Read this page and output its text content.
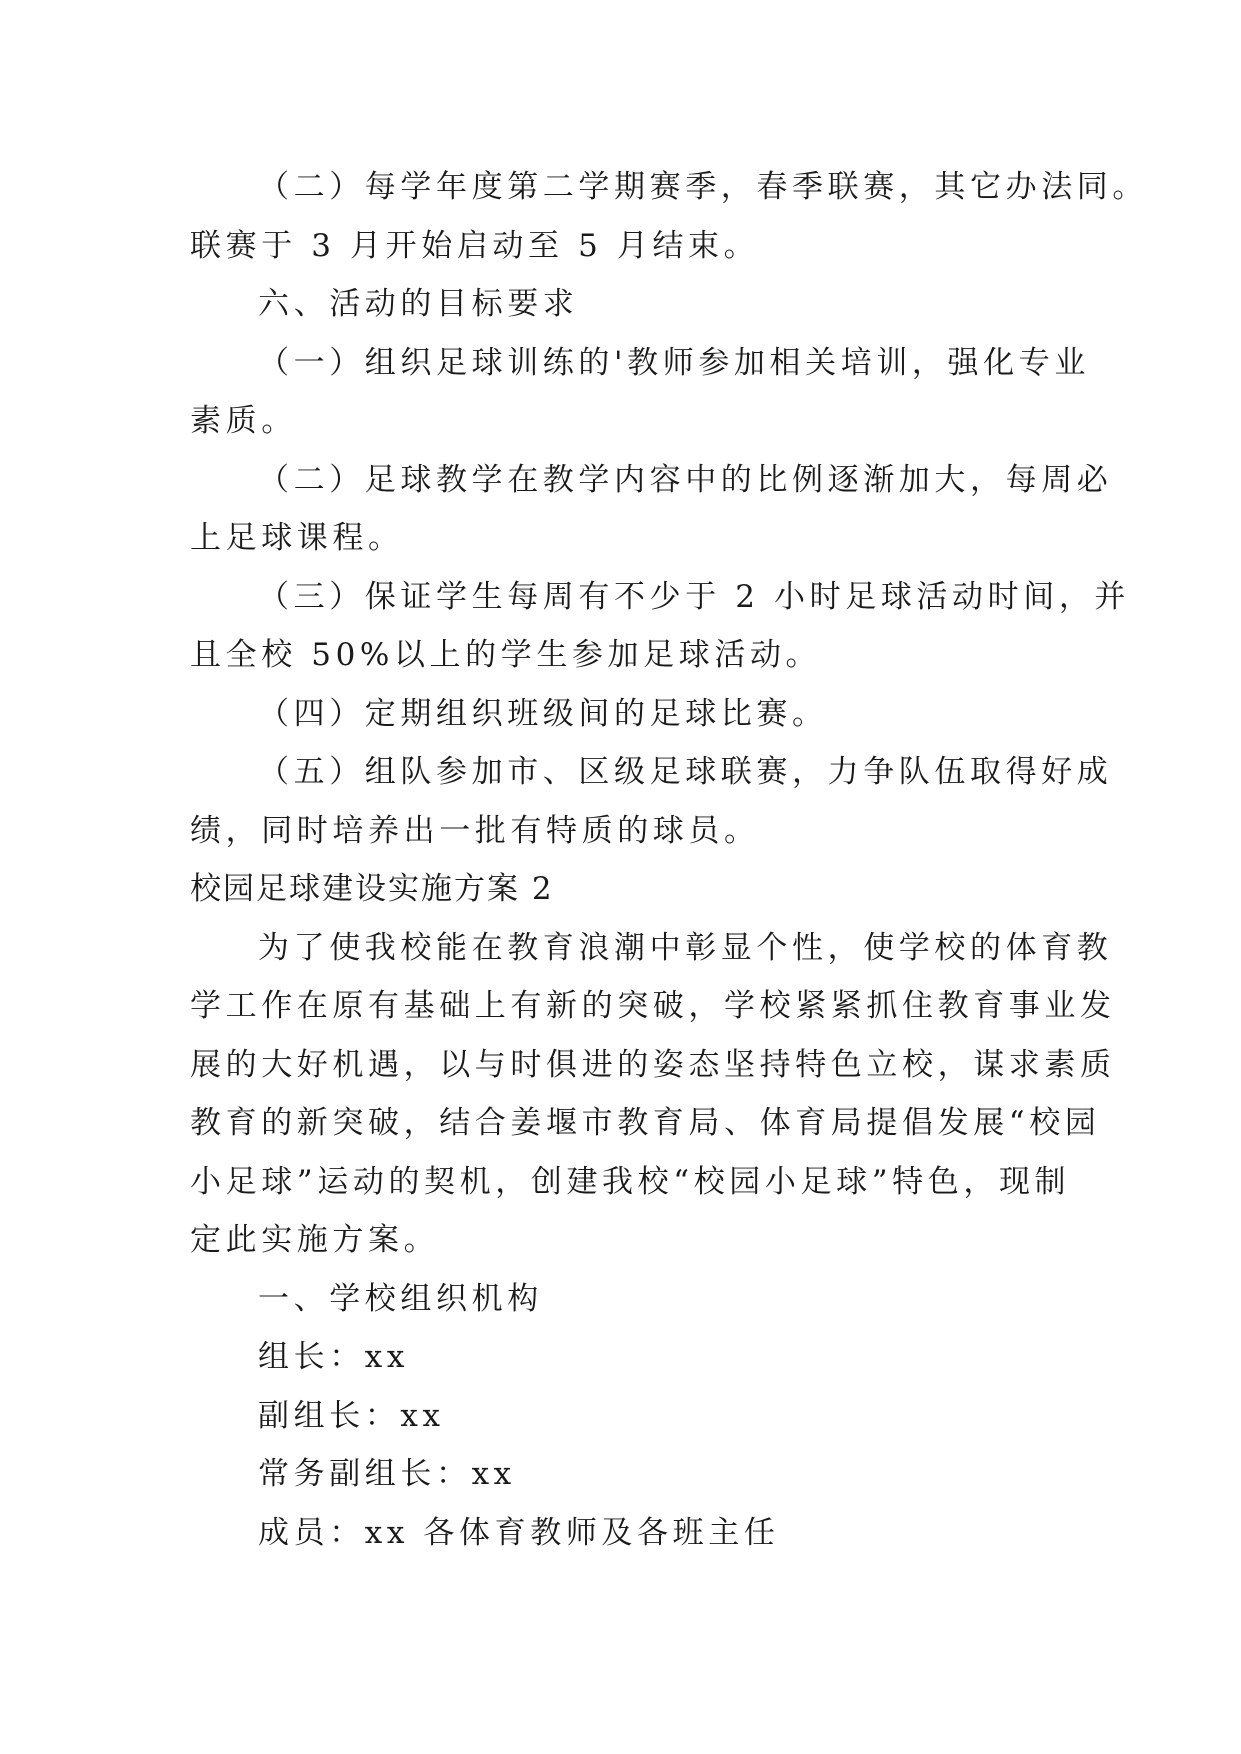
（二）每学年度第二学期赛季，春季联赛，其它办法同。
联赛于 3 月开始启动至 5 月结束。
六、活动的目标要求
（一）组织足球训练的'教师参加相关培训，强化专业
素质。
（二）足球教学在教学内容中的比例逐渐加大，每周必
上足球课程。
（三）保证学生每周有不少于 2 小时足球活动时间，并
且全校 50%以上的学生参加足球活动。
（四）定期组织班级间的足球比赛。
（五）组队参加市、区级足球联赛，力争队伍取得好成
绩，同时培养出一批有特质的球员。
校园足球建设实施方案 2
为了使我校能在教育浪潮中彰显个性，使学校的体育教
学工作在原有基础上有新的突破，学校紧紧抓住教育事业发
展的大好机遇，以与时俱进的姿态坚持特色立校，谋求素质
教育的新突破，结合姜堰市教育局、体育局提倡发展“校园
小足球”运动的契机，创建我校“校园小足球”特色，现制
定此实施方案。
一、学校组织机构
组长：xx
副组长：xx
常务副组长：xx
成员：xx 各体育教师及各班主任
